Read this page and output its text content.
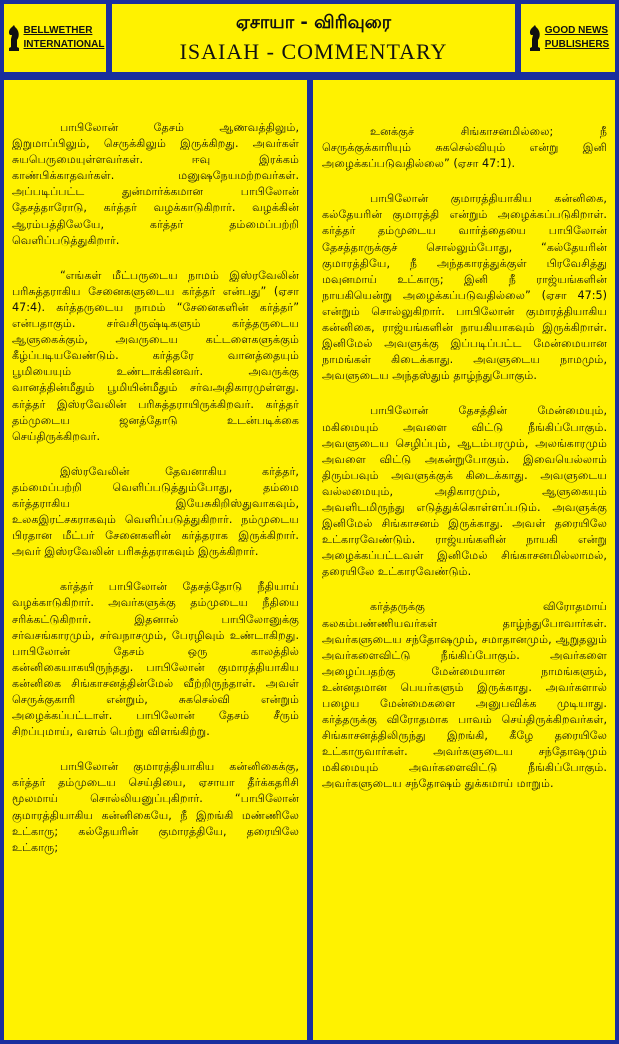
BELLWETHER
INTERNATIONAL
ஏசாயா - விரிவுரை
ISAIAH - COMMENTARY
GOOD NEWS
PUBLISHERS

பாபிலோன் தேசம் ஆணவத்திலும், இறுமாப்பிலும், செருக்கிலும் இருக்கிறது. அவர்கள் சுயபெருமையுள்ளவர்கள். ஈவு இரக்கம் காண்பிக்காதவர்கள். மனுஷநேயமற்றவர்கள். அப்படிப்பட்ட துன்மார்க்கமான பாபிலோன் தேசத்தாரோடு, கர்த்தர் வழக்காடுகிறார். வழக்கின் ஆரம்பத்திலேயே, கர்த்தர் தம்மைப்பற்றி வெளிப்படுத்துகிறார்.

“எங்கள் மீட்பருடைய நாமம் இஸ்ரவேலின் பரிசுத்தராகிய சேனைகளுடைய கர்த்தர் என்பது” (ஏசா 47:4). கர்த்தருடைய நாமம் “சேனைகளின் கர்த்தர்” என்பதாகும். சர்வசிருஷ்டிகளும் கர்த்தருடைய ஆளுகைக்கும், அவருடைய கட்டளைகளுக்கும் கீழ்ப்படியவேண்டும். கர்த்தரே வானத்தையும் பூமியையும் உண்டாக்கினவர். அவருக்கு வானத்தின்மீதும் பூமியின்மீதும் சர்வஅதிகாரமுள்ளது. கர்த்தர் இஸ்ரவேலின் பரிசுத்தராயிருக்கிறவர். கர்த்தர் தம்முடைய ஜனத்தோடு உடன்படிக்கை செய்திருக்கிறவர்.

இஸ்ரவேலின் தேவனாகிய கர்த்தர், தம்மைப்பற்றி வெளிப்படுத்தும்போது, தம்மை கர்த்தராகிய இயேசுகிறிஸ்துவாகவும், உலகஇரட்சகராகவும் வெளிப்படுத்துகிறார். நம்முடைய பிரதான மீட்பர் சேனைகளின் கர்த்தராக இருக்கிறார். அவர் இஸ்ரவேலின் பரிசுத்தராகவும் இருக்கிறார்.

கர்த்தர் பாபிலோன் தேசத்தோடு நீதியாய் வழக்காடுகிறார். அவர்களுக்கு தம்முடைய நீதியை சரிக்கட்டுகிறார். இதனால் பாபிலோனுக்கு சர்வசங்காரமும், சர்வநாசமும், பேரழிவும் உண்டாகிறது. பாபிலோன் தேசம் ஒரு காலத்தில் கன்னிகையாகயிருந்தது. பாபிலோன் குமாரத்தியாகிய கன்னிகை சிங்காசனத்தின்மேல் வீற்றிருந்தாள். அவள் செருக்குகாரி என்றும், சுகசெல்வி என்றும் அழைக்கப்பட்டாள். பாபிலோன் தேசம் சீரும் சிறப்புமாய், வளம் பெற்று விளங்கிற்று.

பாபிலோன் குமாரத்தியாகிய கன்னிகைக்கு, கர்த்தர் தம்முடைய செய்தியை, ஏசாயா தீர்க்கதரிசி மூலமாய் சொல்லியனுப்புகிறார். “பாபிலோன் குமாரத்தியாகிய கன்னிகையே, நீ இறங்கி மண்ணிலே உட்காரு; கல்தேயரின் குமாரத்தியே, தரையிலே உட்காரு;

உனக்குச் சிங்காசனமில்லை; நீ செருக்குக்காரியும் சுகசெல்வியும் என்று இனி அழைக்கப்படுவதில்லை” (ஏசா 47:1).

பாபிலோன் குமாரத்தியாகிய கன்னிகை, கல்தேயரின் குமாரத்தி என்றும் அழைக்கப்படுகிறாள். கர்த்தர் தம்முடைய வார்த்தையை பாபிலோன் தேசத்தாருக்குச் சொல்லும்போது, “கல்தேயரின் குமாரத்தியே, நீ அந்தகாரத்துக்குள் பிரவேசித்து மவுனமாய் உட்காரு; இனி நீ ராஜ்யங்களின் நாயகியென்று அழைக்கப்படுவதில்லை” (ஏசா 47:5) என்றும் சொல்லுகிறார். பாபிலோன் குமாரத்தியாகிய கன்னிகை, ராஜ்யங்களின் நாயகியாகவும் இருக்கிறாள். இனிமேல் அவளுக்கு இப்படிப்பட்ட மேன்மையான நாமங்கள் கிடைக்காது. அவளுடைய நாமமும், அவளுடைய அந்தஸ்தும் தாழ்ந்துபோகும்.

பாபிலோன் தேசத்தின் மேன்மையும், மகிமையும் அவளை விட்டு நீங்கிப்போகும். அவளுடைய செழிப்பும், ஆடம்பரமும், அலங்காரமும் அவளை விட்டு அகன்றுபோகும். இவையெல்லாம் திரும்பவும் அவளுக்குக் கிடைக்காது. அவளுடைய வல்லமையும், அதிகாரமும், ஆளுகையும் அவளிடமிருந்து எடுத்துக்கொள்ளப்படும். அவளுக்கு இனிமேல் சிங்காசனம் இருக்காது. அவள் தரையிலே உட்காரவேண்டும். ராஜ்யங்களின் நாயகி என்று அழைக்கப்பட்டவள் இனிமேல் சிங்காசனமில்லாமல், தரையிலே உட்காரவேண்டும்.

கர்த்தருக்கு விரோதமாய் கலகம்பண்ணியவர்கள் தாழ்ந்துபோவார்கள். அவர்களுடைய சந்தோஷமும், சமாதானமும், ஆறுதலும் அவர்களைவிட்டு நீங்கிப்போகும். அவர்களை அழைப்பதற்கு மேன்மையான நாமங்களும், உன்னதமான பெயர்களும் இருக்காது. அவர்களால் பழைய மேன்மைகளை அனுபவிக்க முடியாது. கர்த்தருக்கு விரோதமாக பாவம் செய்திருக்கிறவர்கள், சிங்காசனத்திலிருந்து இறங்கி, கீழே தரையிலே உட்காருவார்கள். அவர்களுடைய சந்தோஷமும் மகிமையும் அவர்களைவிட்டு நீங்கிப்போகும். அவர்களுடைய சந்தோஷம் துக்கமாய் மாறும்.
